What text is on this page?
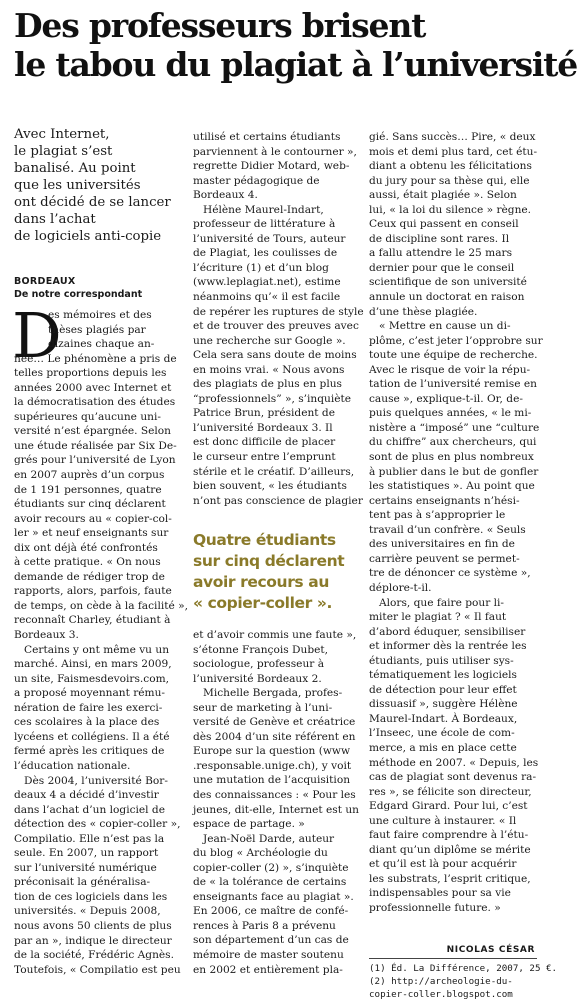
Des professeurs brisent
le tabou du plagiat à l’université
Avec Internet,
le plagiat s’est
banalisé. Au point
que les universités
ont décidé de se lancer
dans l’achat
de logiciels anti-copie
BORDEAUX
De notre correspondant
D
es mémoires et des
thèses plagiés par
dizaines chaque an-
née… Le phénomène a pris de
telles proportions depuis les
années 2000 avec Internet et
la démocratisation des études
supérieures qu’aucune uni-
versité n’est épargnée. Selon
une étude réalisée par Six De-
grés pour l’université de Lyon
en 2007 auprès d’un corpus
de 1 191 personnes, quatre
étudiants sur cinq déclarent
avoir recours au « copier-col-
ler » et neuf enseignants sur
dix ont déjà été confrontés
à cette pratique. « On nous
demande de rédiger trop de
rapports, alors, parfois, faute
de temps, on cède à la facilité »,
reconnaît Charley, étudiant à
Bordeaux 3.
Certains y ont même vu un
marché. Ainsi, en mars 2009,
un site, Faismesdevoirs.com,
a proposé moyennant rému-
nération de faire les exerci-
ces scolaires à la place des
lycéens et collégiens. Il a été
fermé après les critiques de
l’éducation nationale.
Dès 2004, l’université Bor-
deaux 4 a décidé d’investir
dans l’achat d’un logiciel de
détection des « copier-coller »,
Compilatio. Elle n’est pas la
seule. En 2007, un rapport
sur l’université numérique
préconisait la généralisa-
tion de ces logiciels dans les
universités. « Depuis 2008,
nous avons 50 clients de plus
par an », indique le directeur
de la société, Frédéric Agnès.
Toutefois, « Compilatio est peu
utilisé et certains étudiants
parviennent à le contourner »,
regrette Didier Motard, web-
master pédagogique de
Bordeaux 4.
Hélène Maurel-Indart,
professeur de littérature à
l’université de Tours, auteur
de Plagiat, les coulisses de
l’écriture (1) et d’un blog
(www.leplagiat.net), estime
néanmoins qu’« il est facile
de repérer les ruptures de style
et de trouver des preuves avec
une recherche sur Google ».
Cela sera sans doute de moins
en moins vrai. « Nous avons
des plagiats de plus en plus
“professionnels” », s’inquiète
Patrice Brun, président de
l’université Bordeaux 3. Il
est donc difficile de placer
le curseur entre l’emprunt
stérile et le créatif. D’ailleurs,
bien souvent, « les étudiants
n’ont pas conscience de plagier
Quatre étudiants
sur cinq déclarent
avoir recours au
« copier-coller ».
et d’avoir commis une faute »,
s’étonne François Dubet,
sociologue, professeur à
l’université Bordeaux 2.
Michelle Bergada, profes-
seur de marketing à l’uni-
versité de Genève et créatrice
dès 2004 d’un site référent en
Europe sur la question (www
.responsable.unige.ch), y voit
une mutation de l’acquisition
des connaissances : « Pour les
jeunes, dit-elle, Internet est un
espace de partage. »
Jean-Noël Darde, auteur
du blog « Archéologie du
copier-coller (2) », s’inquiète
de « la tolérance de certains
enseignants face au plagiat ».
En 2006, ce maître de confé-
rences à Paris 8 a prévenu
son département d’un cas de
mémoire de master soutenu
en 2002 et entièrement pla-
gié. Sans succès… Pire, « deux
mois et demi plus tard, cet étu-
diant a obtenu les félicitations
du jury pour sa thèse qui, elle
aussi, était plagiée ». Selon
lui, « la loi du silence » règne.
Ceux qui passent en conseil
de discipline sont rares. Il
a fallu attendre le 25 mars
dernier pour que le conseil
scientifique de son université
annule un doctorat en raison
d’une thèse plagiée.
« Mettre en cause un di-
plôme, c’est jeter l’opprobre sur
toute une équipe de recherche.
Avec le risque de voir la répu-
tation de l’université remise en
cause », explique-t-il. Or, de-
puis quelques années, « le mi-
nistère a “imposé” une “culture
du chiffre” aux chercheurs, qui
sont de plus en plus nombreux
à publier dans le but de gonfler
les statistiques ». Au point que
certains enseignants n’hési-
tent pas à s’approprier le
travail d’un confrère. « Seuls
des universitaires en fin de
carrière peuvent se permet-
tre de dénoncer ce système »,
déplore-t-il.
Alors, que faire pour li-
miter le plagiat ? « Il faut
d’abord éduquer, sensibiliser
et informer dès la rentrée les
étudiants, puis utiliser sys-
tématiquement les logiciels
de détection pour leur effet
dissuasif », suggère Hélène
Maurel-Indart. À Bordeaux,
l’Inseec, une école de com-
merce, a mis en place cette
méthode en 2007. « Depuis, les
cas de plagiat sont devenus ra-
res », se félicite son directeur,
Edgard Girard. Pour lui, c’est
une culture à instaurer. « Il
faut faire comprendre à l’étu-
diant qu’un diplôme se mérite
et qu’il est là pour acquérir
les substrats, l’esprit critique,
indispensables pour sa vie
professionnelle future. »
NICOLAS CÉSAR
(1) Éd. La Différence, 2007, 25 €.
(2) http://archeologie-du-
copier-coller.blogspot.com
